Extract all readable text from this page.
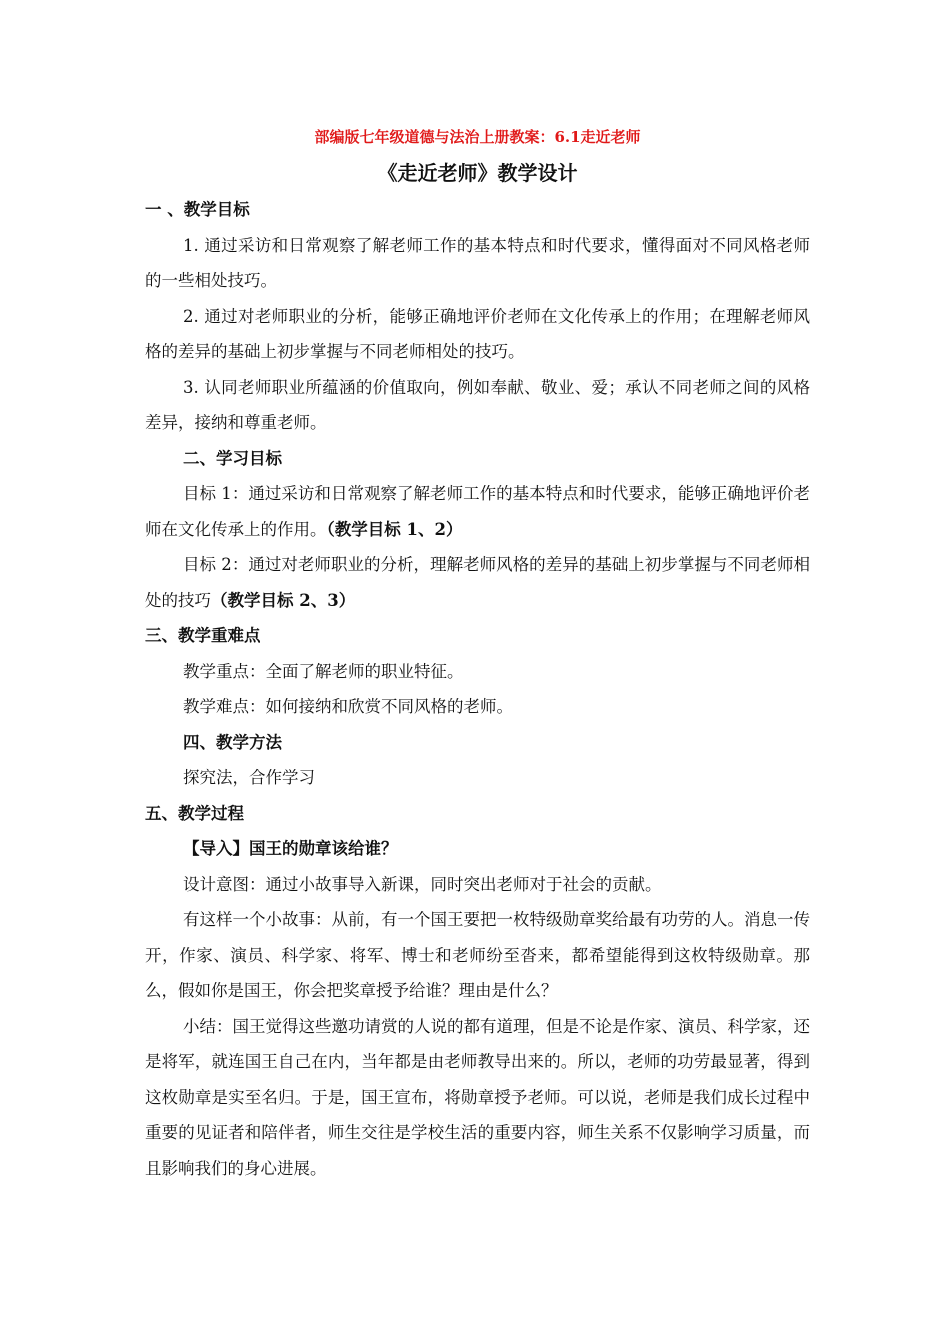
部编版七年级道德与法治上册教案：6.1走近老师

《走近老师》教学设计

一 、教学目标

1. 通过采访和日常观察了解老师工作的基本特点和时代要求，懂得面对不同风格老师的一些相处技巧。

2. 通过对老师职业的分析，能够正确地评价老师在文化传承上的作用；在理解老师风格的差异的基础上初步掌握与不同老师相处的技巧。

3. 认同老师职业所蕴涵的价值取向，例如奉献、敬业、爱；承认不同老师之间的风格差异，接纳和尊重老师。

二、学习目标

目标 1：通过采访和日常观察了解老师工作的基本特点和时代要求，能够正确地评价老师在文化传承上的作用。（教学目标 1、2）

目标 2：通过对老师职业的分析，理解老师风格的差异的基础上初步掌握与不同老师相处的技巧（教学目标 2、3）

三、教学重难点

教学重点：全面了解老师的职业特征。

教学难点：如何接纳和欣赏不同风格的老师。

四、教学方法

探究法，合作学习

五、教学过程

【导入】国王的勋章该给谁？

设计意图：通过小故事导入新课，同时突出老师对于社会的贡献。

有这样一个小故事：从前，有一个国王要把一枚特级勋章奖给最有功劳的人。消息一传开，作家、演员、科学家、将军、博士和老师纷至沓来，都希望能得到这枚特级勋章。那么，假如你是国王，你会把奖章授予给谁？理由是什么？

小结：国王觉得这些邀功请赏的人说的都有道理，但是不论是作家、演员、科学家，还是将军，就连国王自己在内，当年都是由老师教导出来的。所以，老师的功劳最显著，得到这枚勋章是实至名归。于是，国王宣布，将勋章授予老师。可以说，老师是我们成长过程中重要的见证者和陪伴者，师生交往是学校生活的重要内容，师生关系不仅影响学习质量，而且影响我们的身心进展。
